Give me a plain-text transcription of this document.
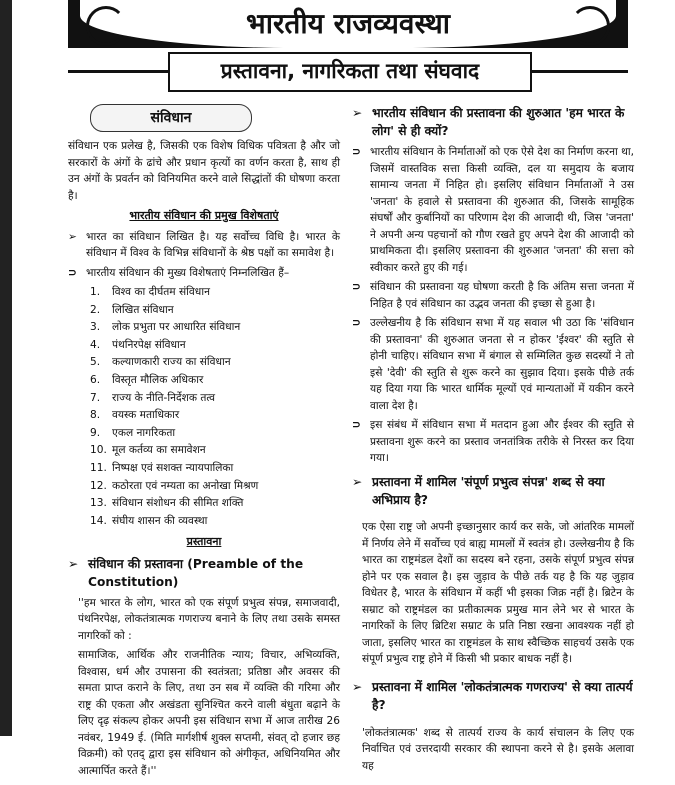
भारतीय राजव्यवस्था
प्रस्तावना, नागरिकता तथा संघवाद
संविधान

संविधान एक प्रलेख है, जिसकी एक विशेष विधिक पवित्रता है और जो सरकारों के अंगों के ढांचे और प्रधान कृत्यों का वर्णन करता है, साथ ही उन अंगों के प्रवर्तन को विनियमित करने वाले सिद्धांतों की घोषणा करता है।

भारतीय संविधान की प्रमुख विशेषताएं
➢ भारत का संविधान लिखित है। यह सर्वोच्च विधि है। भारत के संविधान में विश्व के विभिन्न संविधानों के श्रेष्ठ पक्षों का समावेश है।
⊃ भारतीय संविधान की मुख्य विशेषताएं निम्नलिखित हैं–
1. विश्व का दीर्घतम संविधान
2. लिखित संविधान
3. लोक प्रभुता पर आधारित संविधान
4. पंथनिरपेक्ष संविधान
5. कल्याणकारी राज्य का संविधान
6. विस्तृत मौलिक अधिकार
7. राज्य के नीति-निर्देशक तत्व
8. वयस्क मताधिकार
9. एकल नागरिकता
10. मूल कर्तव्य का समावेशन
11. निष्पक्ष एवं सशक्त न्यायपालिका
12. कठोरता एवं नम्यता का अनोखा मिश्रण
13. संविधान संशोधन की सीमित शक्ति
14. संघीय शासन की व्यवस्था
प्रस्तावना
➢ संविधान की प्रस्तावना (Preamble of the Constitution)

''हम भारत के लोग, भारत को एक संपूर्ण प्रभुत्व संपन्न, समाजवादी, पंथनिरपेक्ष, लोकतंत्रात्मक गणराज्य बनाने के लिए तथा उसके समस्त नागरिकों को :

सामाजिक, आर्थिक और राजनीतिक न्याय; विचार, अभिव्यक्ति, विश्वास, धर्म और उपासना की स्वतंत्रता; प्रतिष्ठा और अवसर की समता प्राप्त कराने के लिए, तथा उन सब में व्यक्ति की गरिमा और राष्ट्र की एकता और अखंडता सुनिश्चित करने वाली बंधुता बढ़ाने के लिए दृढ़ संकल्प होकर अपनी इस संविधान सभा में आज तारीख 26 नवंबर, 1949 ई. (मिति मार्गशीर्ष शुक्ल सप्तमी, संवत् दो हजार छह विक्रमी) को एतद् द्वारा इस संविधान को अंगीकृत, अधिनियमित और आत्मार्पित करते हैं।''

➢ भारतीय संविधान की प्रस्तावना की शुरुआत 'हम भारत के लोग' से ही क्यों?
⊃ भारतीय संविधान के निर्माताओं को एक ऐसे देश का निर्माण करना था, जिसमें वास्तविक सत्ता किसी व्यक्ति, दल या समुदाय के बजाय सामान्य जनता में निहित हो। इसलिए संविधान निर्माताओं ने उस 'जनता' के हवाले से प्रस्तावना की शुरुआत की, जिसके सामूहिक संघर्षों और कुर्बानियों का परिणाम देश की आजादी थी, जिस 'जनता' ने अपनी अन्य पहचानों को गौण रखते हुए अपने देश की आजादी को प्राथमिकता दी। इसलिए प्रस्तावना की शुरुआत 'जनता' की सत्ता को स्वीकार करते हुए की गई।
⊃ संविधान की प्रस्तावना यह घोषणा करती है कि अंतिम सत्ता जनता में निहित है एवं संविधान का उद्भव जनता की इच्छा से हुआ है।
⊃ उल्लेखनीय है कि संविधान सभा में यह सवाल भी उठा कि 'संविधान की प्रस्तावना' की शुरुआत जनता से न होकर 'ईश्वर' की स्तुति से होनी चाहिए। संविधान सभा में बंगाल से सम्मिलित कुछ सदस्यों ने तो इसे 'देवी' की स्तुति से शुरू करने का सुझाव दिया। इसके पीछे तर्क यह दिया गया कि भारत धार्मिक मूल्यों एवं मान्यताओं में यकीन करने वाला देश है।
⊃ इस संबंध में संविधान सभा में मतदान हुआ और ईश्वर की स्तुति से प्रस्तावना शुरू करने का प्रस्ताव जनतांत्रिक तरीके से निरस्त कर दिया गया।
➢ प्रस्तावना में शामिल 'संपूर्ण प्रभुत्व संपन्न' शब्द से क्या अभिप्राय है?

एक ऐसा राष्ट्र जो अपनी इच्छानुसार कार्य कर सके, जो आंतरिक मामलों में निर्णय लेने में सर्वोच्च एवं बाह्य मामलों में स्वतंत्र हो। उल्लेखनीय है कि भारत का राष्ट्रमंडल देशों का सदस्य बने रहना, उसके संपूर्ण प्रभुत्व संपन्न होने पर एक सवाल है। इस जुड़ाव के पीछे तर्क यह है कि यह जुड़ाव विधेतर है, भारत के संविधान में कहीं भी इसका जिक्र नहीं है। ब्रिटेन के सम्राट को राष्ट्रमंडल का प्रतीकात्मक प्रमुख मान लेने भर से भारत के नागरिकों के लिए ब्रिटिश सम्राट के प्रति निष्ठा रखना आवश्यक नहीं हो जाता, इसलिए भारत का राष्ट्रमंडल के साथ स्वैच्छिक साहचर्य उसके एक संपूर्ण प्रभुत्व राष्ट्र होने में किसी भी प्रकार बाधक नहीं है।

➢ प्रस्तावना में शामिल 'लोकतंत्रात्मक गणराज्य' से क्या तात्पर्य है?

'लोकतंत्रात्मक' शब्द से तात्पर्य राज्य के कार्य संचालन के लिए एक निर्वाचित एवं उत्तरदायी सरकार की स्थापना करने से है। इसके अलावा यह
